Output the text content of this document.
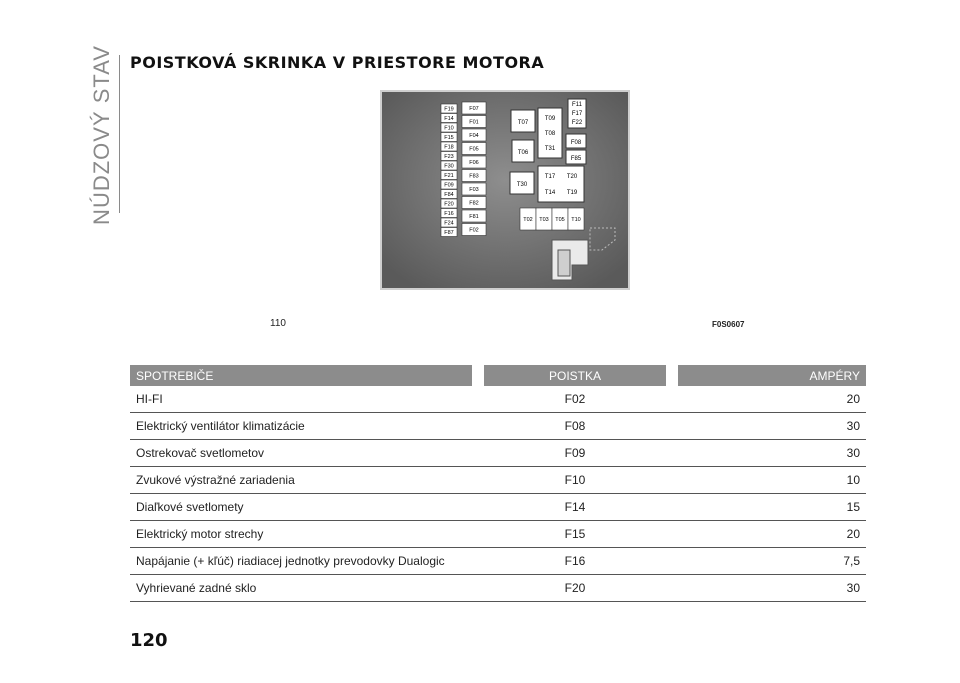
NÚDZOVÝ STAV POISTKOVÁ SKRINKA V PRIESTORE MOTORA
F19
F14
F10
F15
F18
F23
F30
F21
F09
F84
F20
F16
F24
F87
F07
F01
F04
F05
F06
F83
F03
F82
F81
F02
T07
T06
T30
T09
T08
T31
T17 T20
T14 T19
T02 T03 T05 T10
F11
F17
F22
F08
F85
110	F0S0607
SPOTREBIČE	POISTKA	AMPÉRY
HI-FI	F02	20
Elektrický ventilátor klimatizácie	F08	30
Ostrekovač svetlometov	F09	30
Zvukové výstražné zariadenia	F10	10
Diaľkové svetlomety	F14	15
Elektrický motor strechy	F15	20
Napájanie (+ kľúč) riadiacej jednotky prevodovky Dualogic	F16	7,5
Vyhrievané zadné sklo	F20	30
120
